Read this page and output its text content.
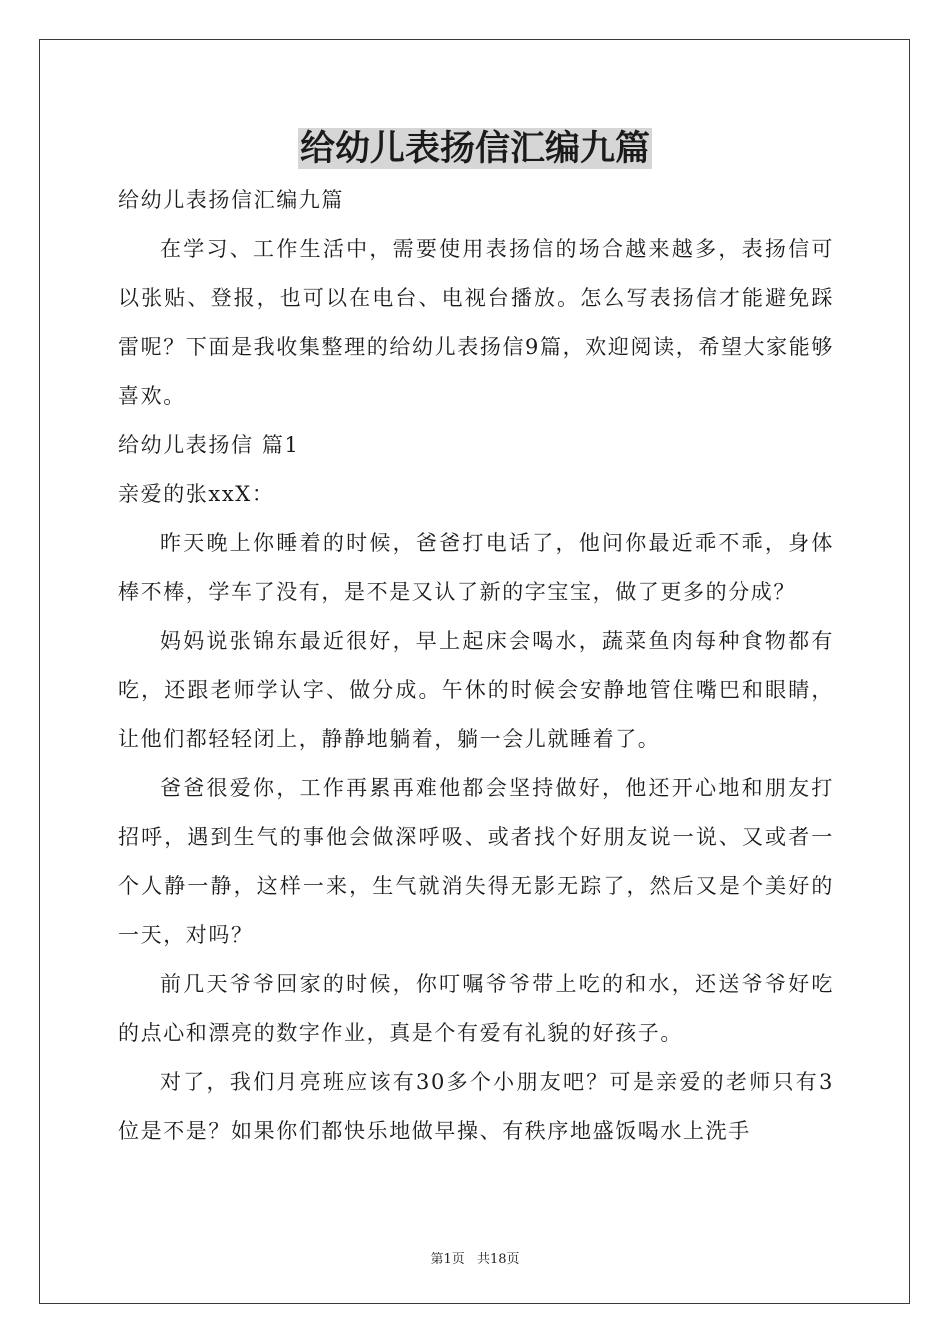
给幼儿表扬信汇编九篇

给幼儿表扬信汇编九篇

在学习、工作生活中，需要使用表扬信的场合越来越多，表扬信可以张贴、登报，也可以在电台、电视台播放。怎么写表扬信才能避免踩雷呢？下面是我收集整理的给幼儿表扬信9篇，欢迎阅读，希望大家能够喜欢。

给幼儿表扬信 篇1

亲爱的张xxX：

昨天晚上你睡着的时候，爸爸打电话了，他问你最近乖不乖，身体棒不棒，学车了没有，是不是又认了新的字宝宝，做了更多的分成？

妈妈说张锦东最近很好，早上起床会喝水，蔬菜鱼肉每种食物都有吃，还跟老师学认字、做分成。午休的时候会安静地管住嘴巴和眼睛，让他们都轻轻闭上，静静地躺着，躺一会儿就睡着了。

爸爸很爱你，工作再累再难他都会坚持做好，他还开心地和朋友打招呼，遇到生气的事他会做深呼吸、或者找个好朋友说一说、又或者一个人静一静，这样一来，生气就消失得无影无踪了，然后又是个美好的一天，对吗？

前几天爷爷回家的时候，你叮嘱爷爷带上吃的和水，还送爷爷好吃的点心和漂亮的数字作业，真是个有爱有礼貌的好孩子。

对了，我们月亮班应该有30多个小朋友吧？可是亲爱的老师只有3位是不是？如果你们都快乐地做早操、有秩序地盛饭喝水上洗手

第1页 共18页
